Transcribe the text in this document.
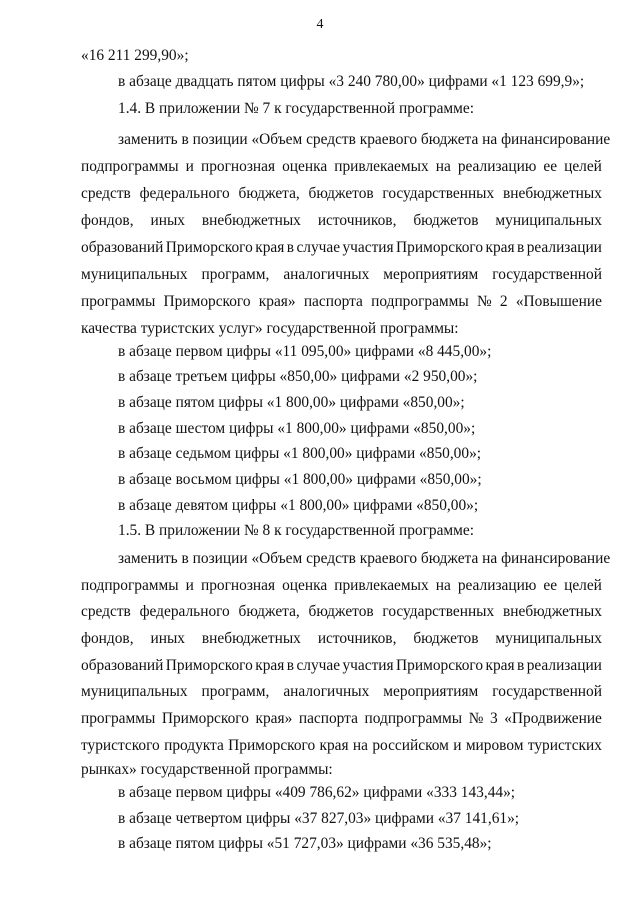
4
«16 211 299,90»;
в абзаце двадцать пятом цифры «3 240 780,00» цифрами «1 123 699,9»;
1.4. В приложении № 7 к государственной программе:
заменить в позиции «Объем средств краевого бюджета на финансирование
подпрограммы и прогнозная оценка привлекаемых на реализацию ее целей
средств федерального бюджета, бюджетов государственных внебюджетных
фондов, иных внебюджетных источников, бюджетов муниципальных
образований Приморского края в случае участия Приморского края в реализации
муниципальных программ, аналогичных мероприятиям государственной
программы Приморского края» паспорта подпрограммы № 2 «Повышение
качества туристских услуг» государственной программы:
в абзаце первом цифры «11 095,00» цифрами «8 445,00»;
в абзаце третьем цифры «850,00» цифрами «2 950,00»;
в абзаце пятом цифры «1 800,00» цифрами «850,00»;
в абзаце шестом цифры «1 800,00» цифрами «850,00»;
в абзаце седьмом цифры «1 800,00» цифрами «850,00»;
в абзаце восьмом цифры «1 800,00» цифрами «850,00»;
в абзаце девятом цифры «1 800,00» цифрами «850,00»;
1.5. В приложении № 8 к государственной программе:
заменить в позиции «Объем средств краевого бюджета на финансирование
подпрограммы и прогнозная оценка привлекаемых на реализацию ее целей
средств федерального бюджета, бюджетов государственных внебюджетных
фондов, иных внебюджетных источников, бюджетов муниципальных
образований Приморского края в случае участия Приморского края в реализации
муниципальных программ, аналогичных мероприятиям государственной
программы Приморского края» паспорта подпрограммы № 3 «Продвижение
туристского продукта Приморского края на российском и мировом туристских
рынках» государственной программы:
в абзаце первом цифры «409 786,62» цифрами «333 143,44»;
в абзаце четвертом цифры «37 827,03» цифрами «37 141,61»;
в абзаце пятом цифры «51 727,03» цифрами «36 535,48»;
